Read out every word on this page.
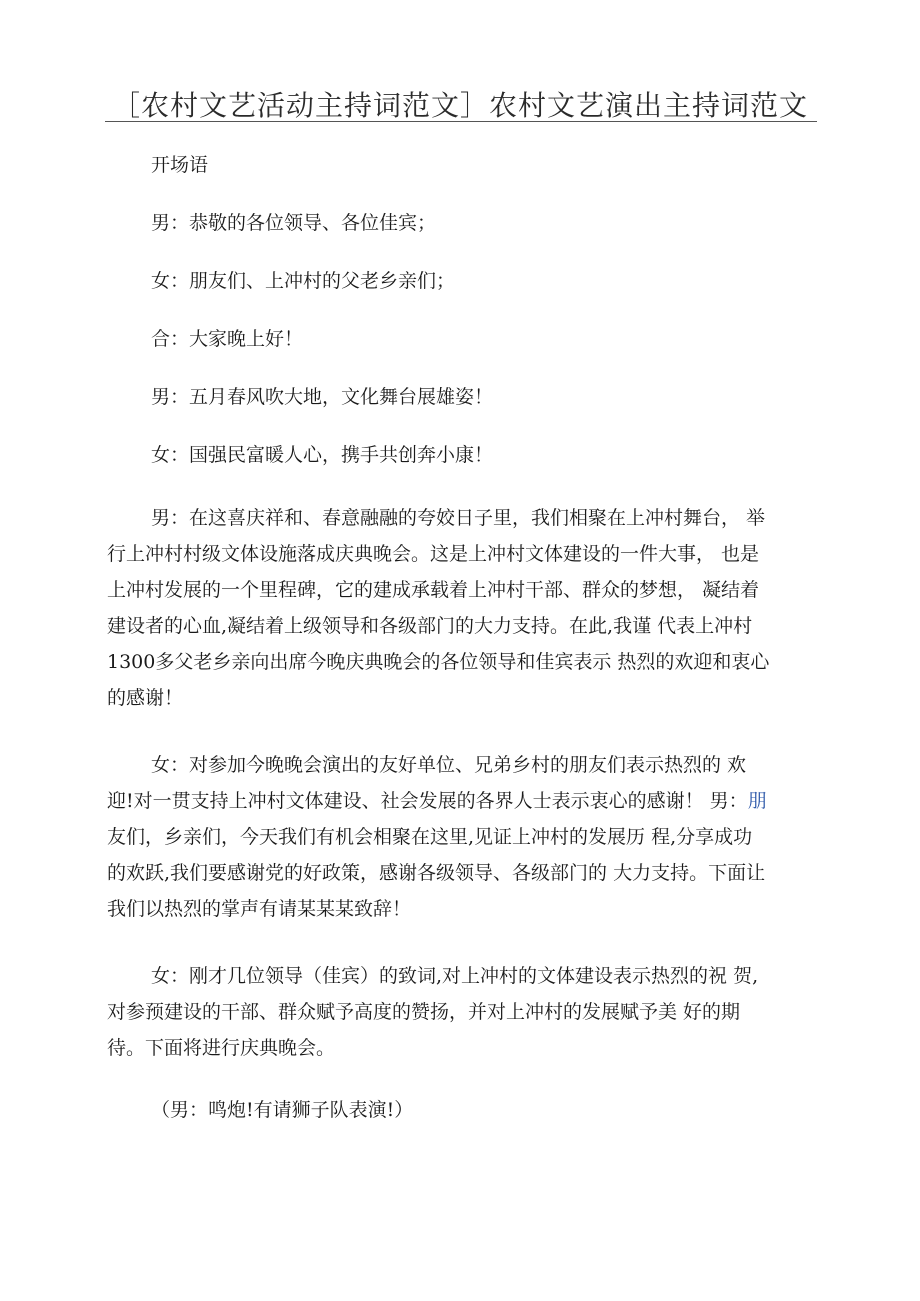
［农村文艺活动主持词范文］农村文艺演出主持词范文
开场语
男：恭敬的各位领导、各位佳宾；
女：朋友们、上冲村的父老乡亲们；
合：大家晚上好！
男：五月春风吹大地，文化舞台展雄姿！
女：国强民富暖人心，携手共创奔小康！
男：在这喜庆祥和、春意融融的夸姣日子里，我们相聚在上冲村舞台， 举
行上冲村村级文体设施落成庆典晚会。这是上冲村文体建设的一件大事， 也是
上冲村发展的一个里程碑，它的建成承载着上冲村干部、群众的梦想， 凝结着
建设者的心血,凝结着上级领导和各级部门的大力支持。在此,我谨 代表上冲村
1300多父老乡亲向出席今晚庆典晚会的各位领导和佳宾表示 热烈的欢迎和衷心
的感谢！
女：对参加今晚晚会演出的友好单位、兄弟乡村的朋友们表示热烈的 欢
迎!对一贯支持上冲村文体建设、社会发展的各界人士表示衷心的感谢！ 男：朋
友们，乡亲们，今天我们有机会相聚在这里,见证上冲村的发展历 程,分享成功
的欢跃,我们要感谢党的好政策，感谢各级领导、各级部门的 大力支持。下面让
我们以热烈的掌声有请某某某致辞！
女：刚才几位领导（佳宾）的致词,对上冲村的文体建设表示热烈的祝 贺,
对参预建设的干部、群众赋予高度的赞扬，并对上冲村的发展赋予美 好的期
待。下面将进行庆典晚会。
（男：鸣炮!有请狮子队表演!）
